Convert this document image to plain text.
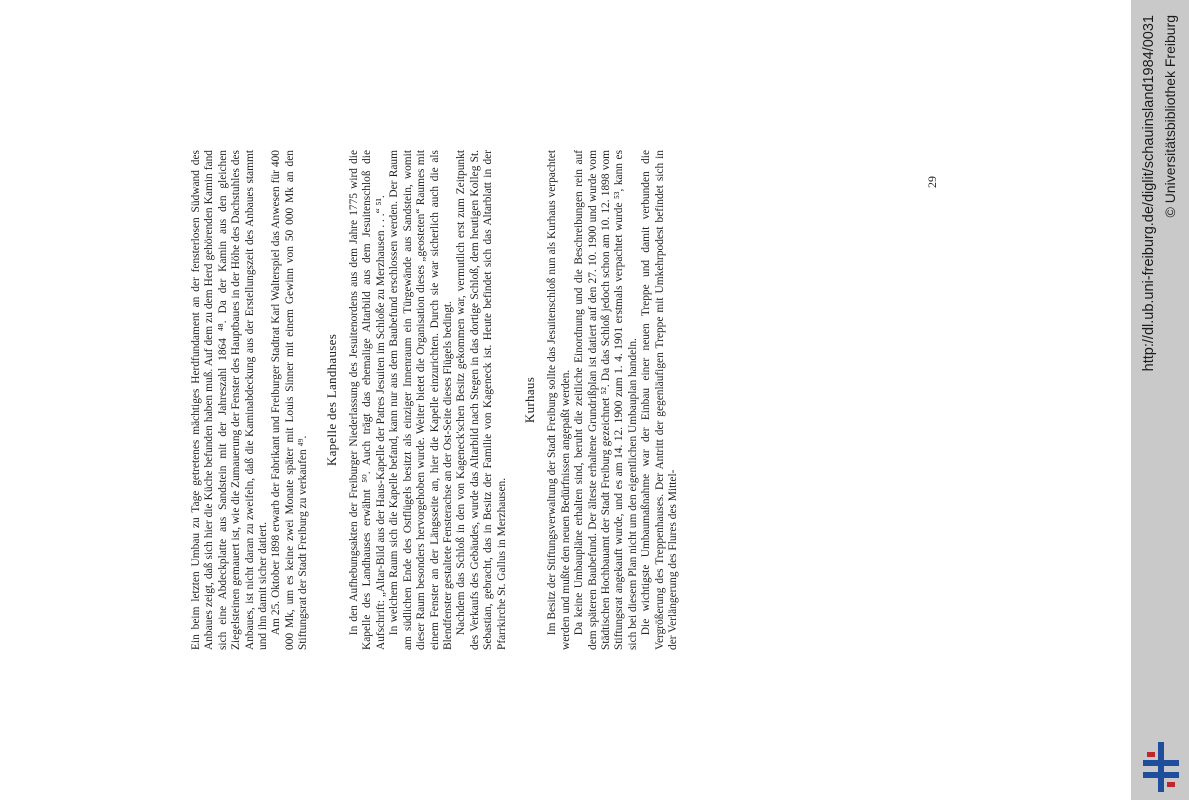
Ein beim letzten Umbau zu Tage getretenes mächtiges Herdfundament an der fensterlosen Südwand des Anbaues zeigt, daß sich hier die Küche befunden haben muß. Auf dem zu dem Herd gehörenden Kamin fand sich eine Abdeckplatte aus Sandstein mit der Jahreszahl 1864 ⁴⁸. Da der Kamin aus den gleichen Ziegelsteinen gemauert ist, wie die Zumauerung der Fenster des Hauptbaues in der Höhe des Dachstuhles des Anbaues, ist nicht daran zu zweifeln, daß die Kaminabdeckung aus der Erstellungszeit des Anbaues stammt und ihn damit sicher datiert. Am 25. Oktober 1898 erwarb der Fabrikant und Freiburger Stadtrat Karl Walterspiel das Anwesen für 400 000 Mk, um es keine zwei Monate später mit Louis Sinner mit einem Gewinn von 50 000 Mk an den Stiftungsrat der Stadt Freiburg zu verkaufen ⁴⁹.

Kapelle des Landhauses In den Aufhebungsakten der Freiburger Niederlassung des Jesuitenordens aus dem Jahre 1775 wird die Kapelle des Landhauses erwähnt ⁵⁰. Auch trägt das ehemalige Altarbild aus dem Jesuitenschloß die Aufschrift: „Altar-Bild aus der Haus-Kapelle der Patres Jesuiten im Schloße zu Merzhausen . . .“ ⁵¹. In welchem Raum sich die Kapelle befand, kann nur aus dem Baubefund erschlossen werden. Der Raum am südlichen Ende des Ostflügels besitzt als einziger Innenraum ein Türgewände aus Sandstein, womit dieser Raum besonders hervorgehoben wurde. Weiter bietet die Organisation dieses „geosteten“ Raumes mit einem Fenster an der Längsseite an, hier die Kapelle einzurichten. Durch sie war sicherlich auch die als Blendfenster gestaltete Fensterachse an der Ost-Seite dieses Flügels bedingt. Nachdem das Schloß in den von Kageneck'schen Besitz gekommen war, vermutlich erst zum Zeitpunkt des Verkaufs des Gebäudes, wurde das Altarbild nach Stegen in das dortige Schloß, dem heutigen Kolleg St. Sebastian, gebracht, das in Besitz der Familie von Kageneck ist. Heute befindet sich das Altarblatt in der Pfarrkirche St. Gallus in Merzhausen.

Kurhaus Im Besitz der Stiftungsverwaltung der Stadt Freiburg sollte das Jesuitenschloß nun als Kurhaus verpachtet werden und mußte den neuen Bedürfnissen angepaßt werden. Da keine Umbaupläne erhalten sind, beruht die zeitliche Einordnung und die Beschreibungen rein auf dem späteren Baubefund. Der älteste erhaltene Grundrißplan ist datiert auf den 27. 10. 1900 und wurde vom Städtischen Hochbauamt der Stadt Freiburg gezeichnet ⁵². Da das Schloß jedoch schon am 10. 12. 1898 vom Stiftungsrat angekauft wurde, und es am 14. 12. 1900 zum 1. 4. 1901 erstmals verpachtet wurde ⁵³, kann es sich bei diesem Plan nicht um den eigentlichen Umbauplan handeln. Die wichtigste Umbaumaßnahme war der Einbau einer neuen Treppe und damit verbunden die Vergrößerung des Treppenhauses. Der Antritt der gegenläufigen Treppe mit Umkehrpodest befindet sich in der Verlängerung des Flures des Mittel-

29	http://dl.ub.uni-freiburg.de/diglit/schauinsland1984/0031 © Universitätsbibliothek Freiburg
